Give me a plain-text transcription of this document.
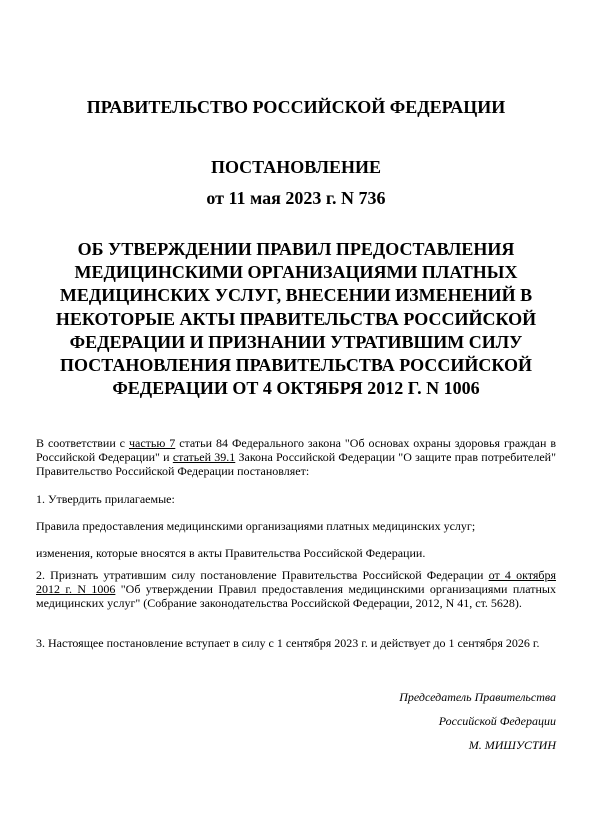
ПРАВИТЕЛЬСТВО РОССИЙСКОЙ ФЕДЕРАЦИИ
ПОСТАНОВЛЕНИЕ
от 11 мая 2023 г. N 736
ОБ УТВЕРЖДЕНИИ ПРАВИЛ ПРЕДОСТАВЛЕНИЯ МЕДИЦИНСКИМИ ОРГАНИЗАЦИЯМИ ПЛАТНЫХ МЕДИЦИНСКИХ УСЛУГ, ВНЕСЕНИИ ИЗМЕНЕНИЙ В НЕКОТОРЫЕ АКТЫ ПРАВИТЕЛЬСТВА РОССИЙСКОЙ ФЕДЕРАЦИИ И ПРИЗНАНИИ УТРАТИВШИМ СИЛУ ПОСТАНОВЛЕНИЯ ПРАВИТЕЛЬСТВА РОССИЙСКОЙ ФЕДЕРАЦИИ ОТ 4 ОКТЯБРЯ 2012 Г. N 1006

В соответствии с частью 7 статьи 84 Федерального закона "Об основах охраны здоровья граждан в Российской Федерации" и статьей 39.1 Закона Российской Федерации "О защите прав потребителей" Правительство Российской Федерации постановляет:

1. Утвердить прилагаемые:

Правила предоставления медицинскими организациями платных медицинских услуг;

изменения, которые вносятся в акты Правительства Российской Федерации.

2. Признать утратившим силу постановление Правительства Российской Федерации от 4 октября 2012 г. N 1006 "Об утверждении Правил предоставления медицинскими организациями платных медицинских услуг" (Собрание законодательства Российской Федерации, 2012, N 41, ст. 5628).

3. Настоящее постановление вступает в силу с 1 сентября 2023 г. и действует до 1 сентября 2026 г.

Председатель Правительства

Российской Федерации

М. МИШУСТИН
